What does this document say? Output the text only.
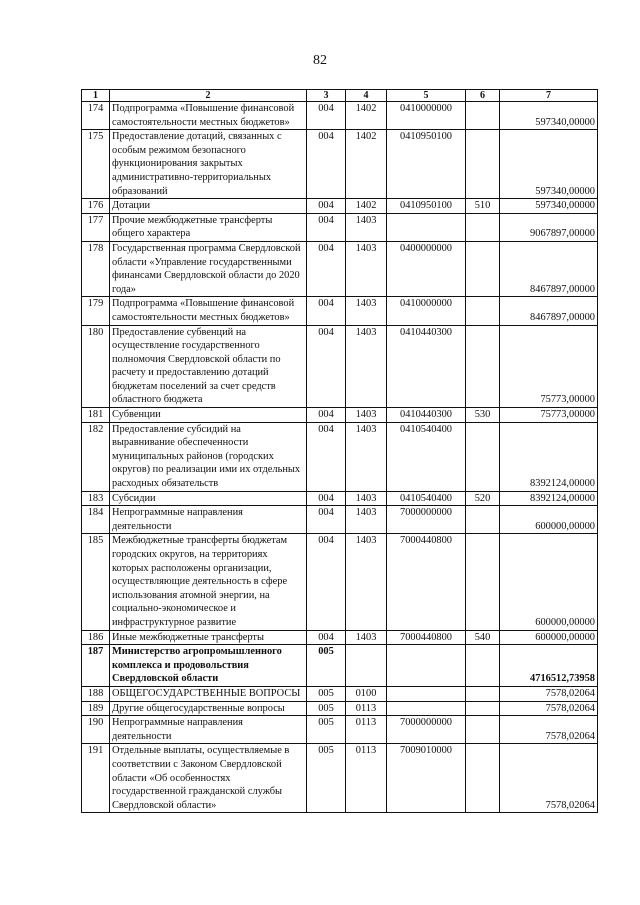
82
1	2	3	4	5	6	7
174	Подпрограмма «Повышение финансовой самостоятельности местных бюджетов»	004	1402	0410000000		597340,00000
175	Предоставление дотаций, связанных с особым режимом безопасного функционирования закрытых административно-территориальных образований	004	1402	0410950100		597340,00000
176	Дотации	004	1402	0410950100	510	597340,00000
177	Прочие межбюджетные трансферты общего характера	004	1403			9067897,00000
178	Государственная программа Свердловской области «Управление государственными финансами Свердловской области до 2020 года»	004	1403	0400000000		8467897,00000
179	Подпрограмма «Повышение финансовой самостоятельности местных бюджетов»	004	1403	0410000000		8467897,00000
180	Предоставление субвенций на осуществление государственного полномочия Свердловской области по расчету и предоставлению дотаций бюджетам поселений за счет средств областного бюджета	004	1403	0410440300		75773,00000
181	Субвенции	004	1403	0410440300	530	75773,00000
182	Предоставление субсидий на выравнивание обеспеченности муниципальных районов (городских округов) по реализации ими их отдельных расходных обязательств	004	1403	0410540400		8392124,00000
183	Субсидии	004	1403	0410540400	520	8392124,00000
184	Непрограммные направления деятельности	004	1403	7000000000		600000,00000
185	Межбюджетные трансферты бюджетам городских округов, на территориях которых расположены организации, осуществляющие деятельность в сфере использования атомной энергии, на социально-экономическое и инфраструктурное развитие	004	1403	7000440800		600000,00000
186	Иные межбюджетные трансферты	004	1403	7000440800	540	600000,00000
187	Министерство агропромышленного комплекса и продовольствия Свердловской области	005				4716512,73958
188	ОБЩЕГОСУДАРСТВЕННЫЕ ВОПРОСЫ	005	0100			7578,02064
189	Другие общегосударственные вопросы	005	0113			7578,02064
190	Непрограммные направления деятельности	005	0113	7000000000		7578,02064
191	Отдельные выплаты, осуществляемые в соответствии с Законом Свердловской области «Об особенностях государственной гражданской службы Свердловской области»	005	0113	7009010000		7578,02064
